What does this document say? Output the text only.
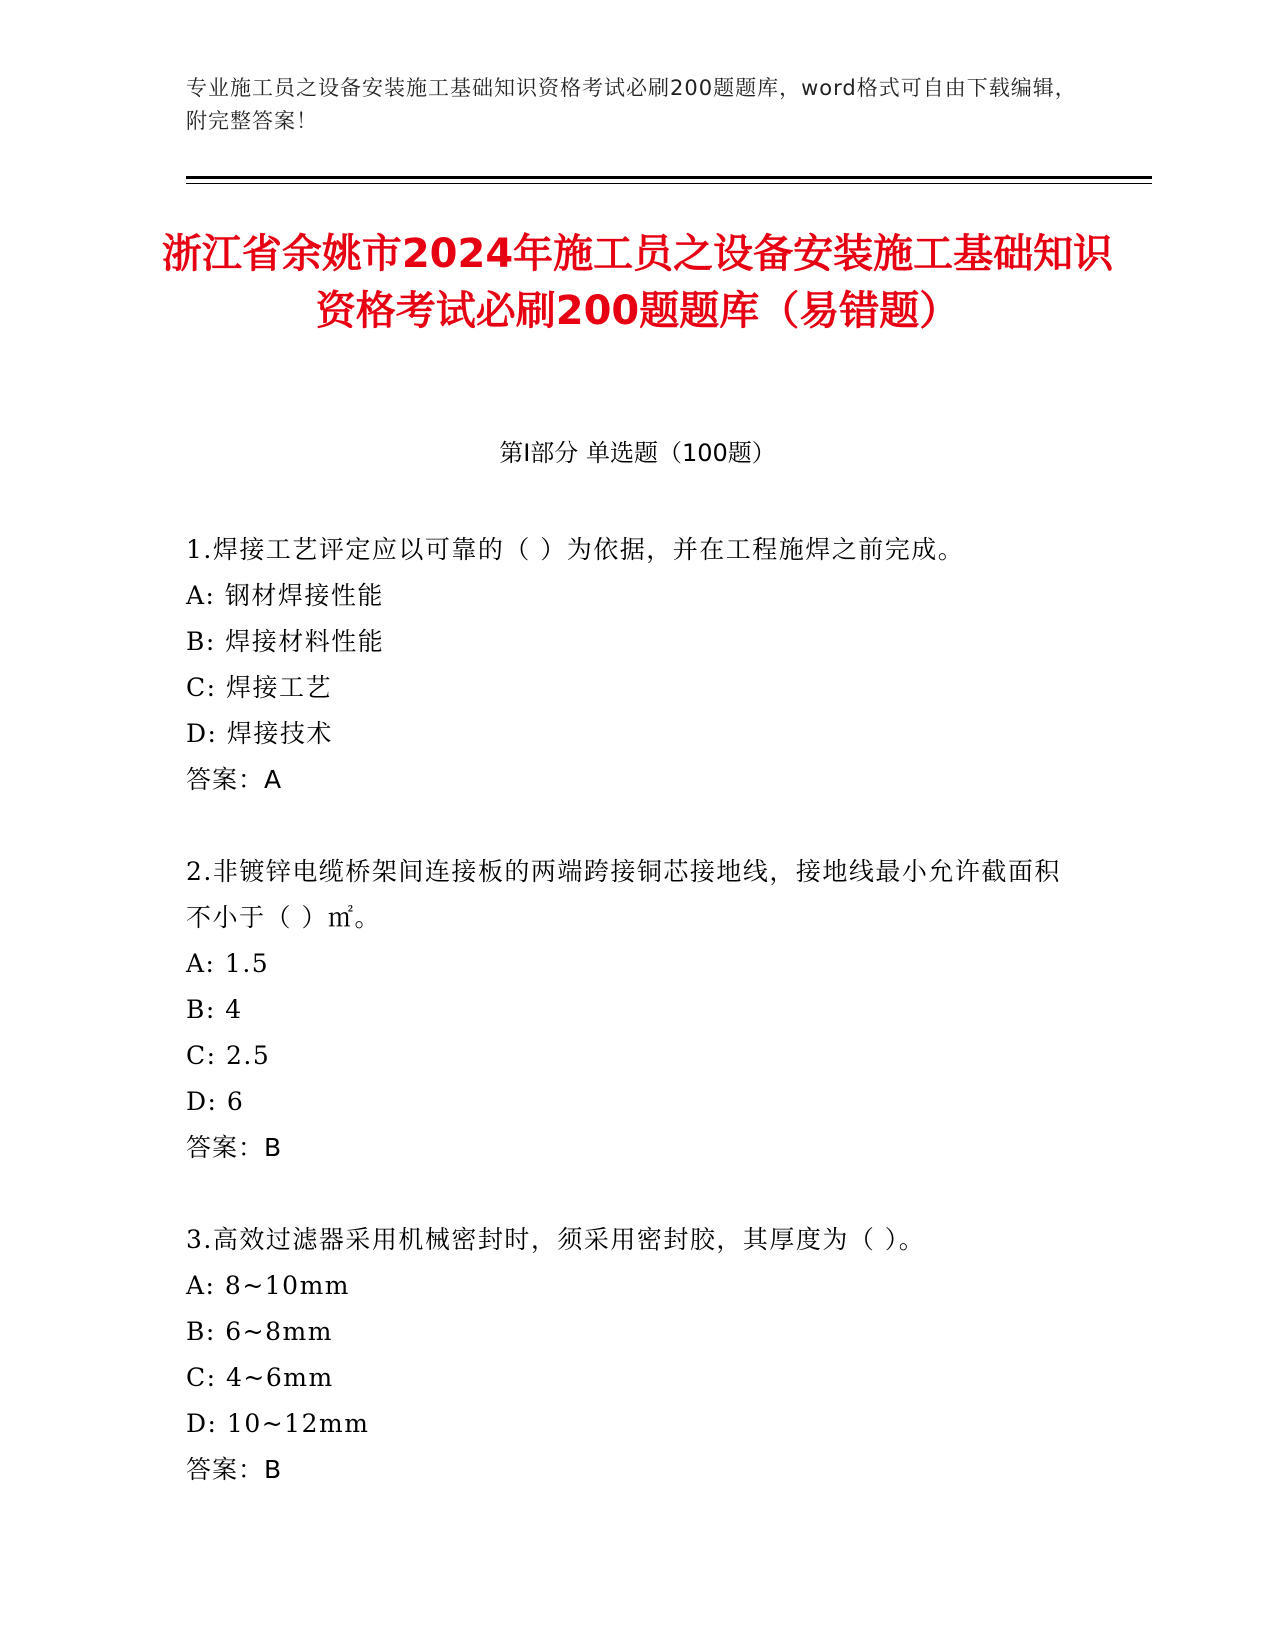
专业施工员之设备安装施工基础知识资格考试必刷200题题库，word格式可自由下载编辑，附完整答案！
浙江省余姚市2024年施工员之设备安装施工基础知识资格考试必刷200题题库（易错题）
第Ⅰ部分 单选题（100题）
1.焊接工艺评定应以可靠的（ ）为依据，并在工程施焊之前完成。
A: 钢材焊接性能
B: 焊接材料性能
C: 焊接工艺
D: 焊接技术
答案：A
2.非镀锌电缆桥架间连接板的两端跨接铜芯接地线，接地线最小允许截面积不小于（ ）㎡。
A: 1.5
B: 4
C: 2.5
D: 6
答案：B
3.高效过滤器采用机械密封时，须采用密封胶，其厚度为（ ）。
A: 8~10mm
B: 6~8mm
C: 4~6mm
D: 10~12mm
答案：B
